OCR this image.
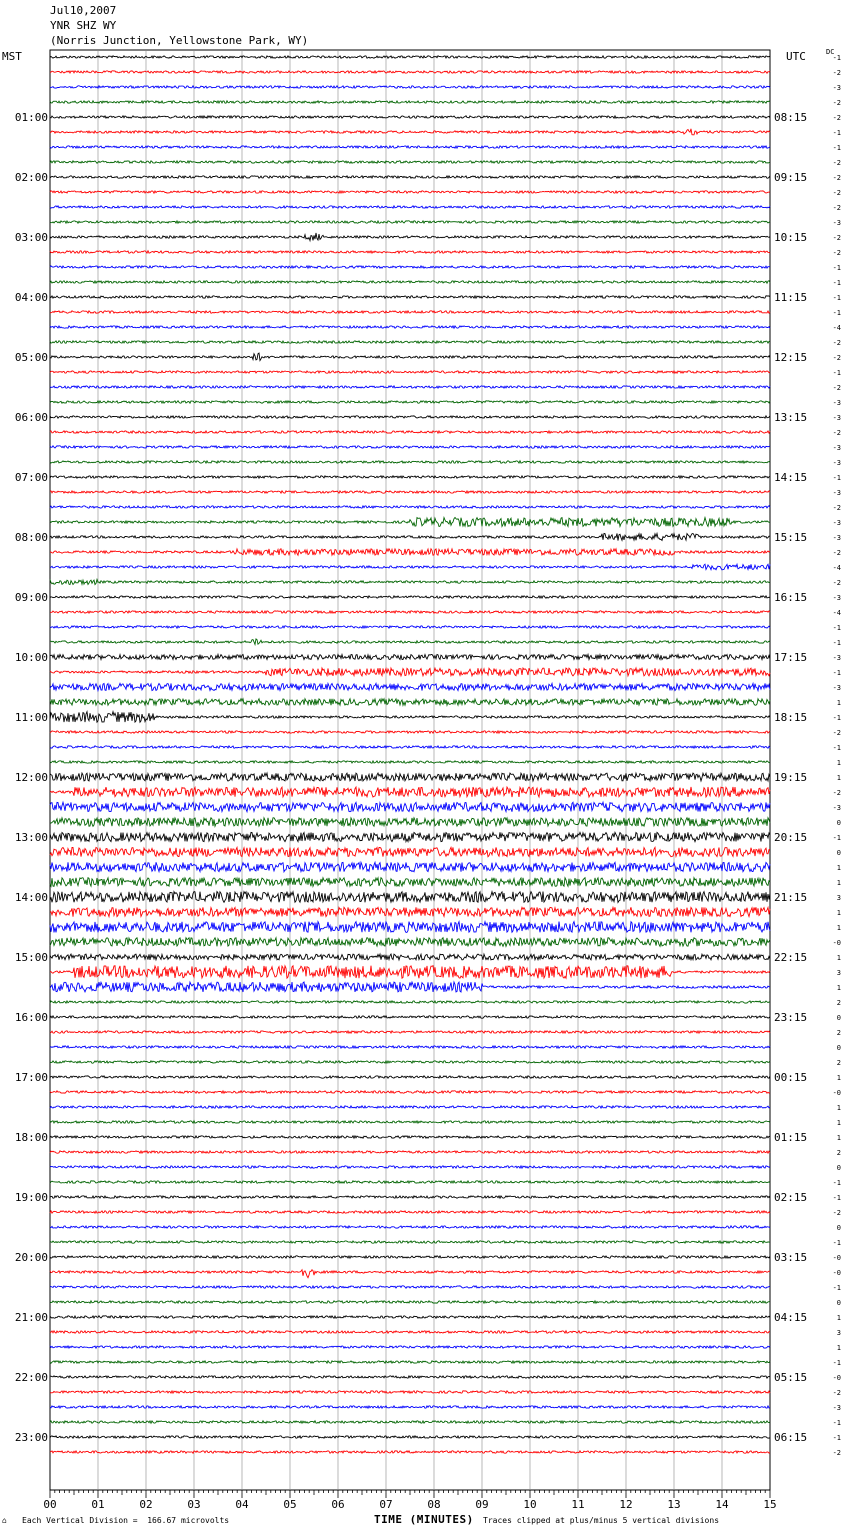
Jul10,2007
YNR SHZ WY
(Norris Junction, Yellowstone Park, WY)
MST	UTC	DC
00	01	02	03	04	05	06	07	08	09	10	11	12	13	14	15
-1
-2
-3
-2
-2
-1
-1
-2
-2
-2
-2
-3
-2
-2
-1
-1
-1
-1
-4
-2
-2
-1
-2
-3
-3
-2
-3
-3
-1
-3
-2
-3
-3
-2
-4
-2
-3
-4
-1
-1
-3
-1
-3
1
-1
-2
-1
1
1
-2
-3
0
-1
0
1
1
3
1
1
-0
1
3
1
2
0
2
0
2
1
-0
1
1
1
2
0
-1
-1
-2
0
-1
-0
-0
-1
0
1
3
1
-1
-0
-2
-3
-1
-1
-2
01:00
02:00
03:00
04:00
05:00
06:00
07:00
08:00
09:00
10:00
11:00
12:00
13:00
14:00
15:00
16:00
17:00
18:00
19:00
20:00
21:00
22:00
23:00
08:15
09:15
10:15
11:15
12:15
13:15
14:15
15:15
16:15
17:15
18:15
19:15
20:15
21:15
22:15
23:15
00:15
01:15
02:15
03:15
04:15
05:15
06:15
⌂ Each Vertical Division =  166.67 microvolts	TIME (MINUTES) Traces clipped at plus/minus 5 vertical divisions
